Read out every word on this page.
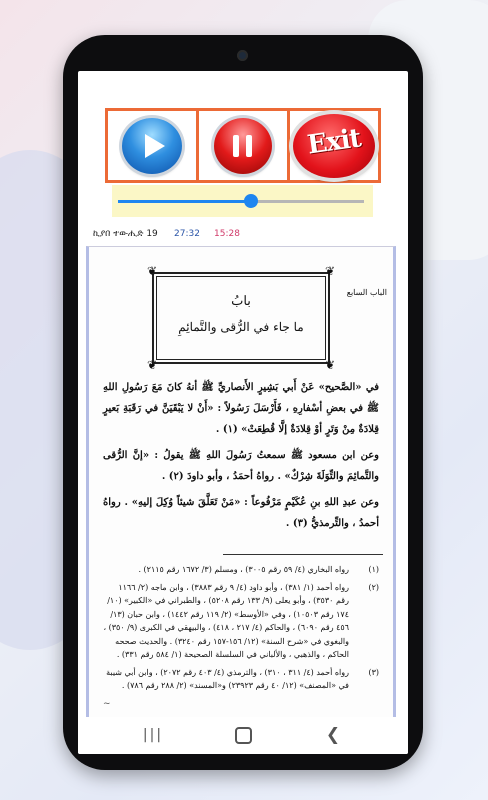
Exit
ኪያበ ተውሒድ 19 27:32 15:28
الباب السابع
❦	❦
❦	❦
بابُ
ما جاء في الرُّقى والتَّمائِمِ

في «الصَّحيح» عَنْ أَبي بَشِيرٍ الأَنصاريِّ ﷺ أنهُ كانَ مَعَ رَسُولِ اللهِ ﷺ في بعضِ أسْفارِهِ ، فَأَرْسَلَ رَسُولاً : «أَنْ لا يَبْقَيَنَّ في رَقَبَةِ بَعيرٍ قِلادَةٌ مِنْ وَتَرٍ أوْ قِلادَةٌ إلَّا قُطِعَتْ» (١) .

وعن ابن مسعود ﷺ سمعتُ رَسُولَ اللهِ ﷺ يقولُ : «إنَّ الرُّقى والتَّمائِمَ والتِّوَلَةَ شِرْكٌ» . رواهُ أحمَدُ ، وأبو داودَ (٢) .

وعن عبدِ اللهِ بنِ عُكَيْمٍ مَرْفُوعاً : «مَنْ تَعَلَّقَ شيئاً وُكِلَ إليهِ» . رواهُ أحمدُ ، والتِّرمذيُّ (٣) .

(١)
رواه البخاري (٤/ ٥٩ رقم ٣٠٠٥) ، ومسلم (٣/ ١٦٧٢ رقم ٢١١٥) .
(٢)
رواه أحمد (١/ ٣٨١) ، وأبو داود (٤/ ٩ رقم ٣٨٨٣) ، وابن ماجه (٢/ ١١٦٦ رقم ٣٥٣٠) ، وأبو يعلى (٩/ ١٣٣ رقم ٥٢٠٨) ، والطبراني في «الكبير» (١٠/ ١٧٤ رقم ١٠٥٠٣) ، وفي «الأوسط» (٢/ ١١٩ رقم ١٤٤٢) ، وابن حبان (١٣/ ٤٥٦ رقم ٦٠٩٠) ، والحاكم (٤/ ٢١٧ ، ٤١٨) ، والبيهقي في الكبرى (٩/ ٣٥٠) ، والبغوي في «شرح السنة» (١٢/ ١٥٦-١٥٧ رقم ٣٢٤٠) . والحديث صححه الحاكم ، والذهبي ، والألباني في السلسلة الصحيحة (١/ ٥٨٤ رقم ٣٣١) .
(٣)
رواه أحمد (٤/ ٣١١ ، ٣١٠) ، والترمذي (٤/ ٤٠٣ رقم ٢٠٧٢) ، وابن أبي شيبة في «المصنف» (١٢/ ٤٠ رقم ٢٣٩٢٣) و«المسند» (٢/ ٢٨٨ رقم ٧٨٦) .
~
|||	❮
